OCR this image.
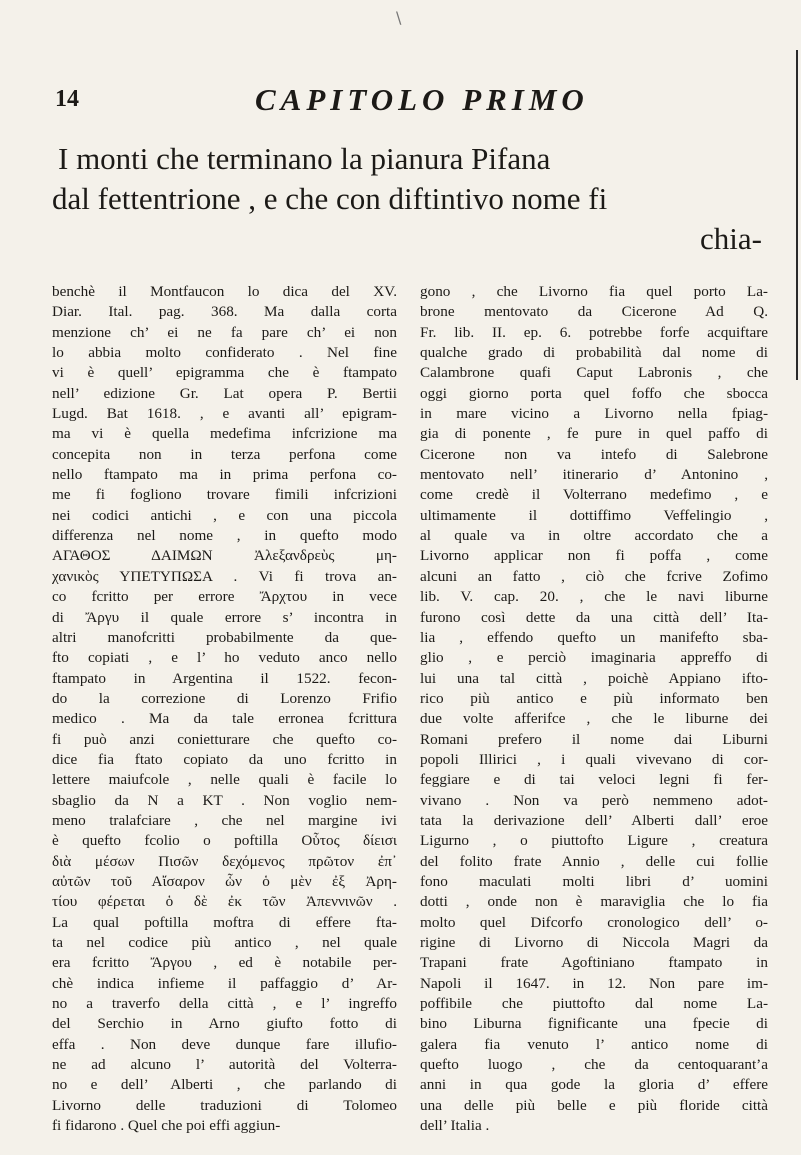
\
14	CAPITOLO PRIMO
I monti che terminano la pianura Pifana
dal fettentrione , e che con diftintivo nome fi
chia-
benchè il Montfaucon lo dica del XV.
Diar. Ital. pag. 368. Ma dalla corta
menzione ch’ ei ne fa pare ch’ ei non
lo abbia molto confiderato . Nel fine
vi è quell’ epigramma che è ftampato
nell’ edizione Gr. Lat opera P. Bertii
Lugd. Bat 1618. , e avanti all’ epigram-
ma vi è quella medefima infcrizione ma
concepita non in terza perfona come
nello ftampato ma in prima perfona co-
me fi fogliono trovare fimili infcrizioni
nei codici antichi , e con una piccola
differenza nel nome , in quefto modo
ΑΓΑΘΟΣ ΔΑΙΜΩΝ Ἀλεξανδρεὺς μη-
χανικὸς ΥΠΕΤΥΠΩΣΑ . Vi fi trova an-
co fcritto per errore Ἄρχτου in vece
di Ἄργυ il quale errore s’ incontra in
altri manofcritti probabilmente da que-
fto copiati , e l’ ho veduto anco nello
ftampato in Argentina il 1522. fecon-
do la correzione di Lorenzo Frifio
medico . Ma da tale erronea fcrittura
fi può anzi conietturare che quefto co-
dice fia ftato copiato da uno fcritto in
lettere maiufcole , nelle quali è facile lo
sbaglio da N a KT . Non voglio nem-
meno tralafciare , che nel margine ivi
è quefto fcolio o poftilla Οὗτος δίεισι
διὰ μέσων Πισῶν δεχόμενος πρῶτον ἐπ᾽
αὐτῶν τοῦ Αἴσαρον ὧν ὁ μὲν ἐξ Ἀρη-
τίου φέρεται ὁ δὲ ἐκ τῶν Ἀπεννινῶν .
La qual poftilla moftra di effere fta-
ta nel codice più antico , nel quale
era fcritto Ἄργου , ed è notabile per-
chè indica infieme il paffaggio d’ Ar-
no a traverfo della città , e l’ ingreffo
del Serchio in Arno giufto fotto di
effa . Non deve dunque fare illufio-
ne ad alcuno l’ autorità del Volterra-
no e dell’ Alberti , che parlando di
Livorno delle traduzioni di Tolomeo
fi fidarono . Quel che poi effi aggiun-
gono , che Livorno fia quel porto La-
brone mentovato da Cicerone Ad Q.
Fr. lib. II. ep. 6. potrebbe forfe acquiftare
qualche grado di probabilità dal nome di
Calambrone quafi Caput Labronis , che
oggi giorno porta quel foffo che sbocca
in mare vicino a Livorno nella fpiag-
gia di ponente , fe pure in quel paffo di
Cicerone non va intefo di Salebrone
mentovato nell’ itinerario d’ Antonino ,
come credè il Volterrano medefimo , e
ultimamente il dottiffimo Veffelingio ,
al quale va in oltre accordato che a
Livorno applicar non fi poffa , come
alcuni an fatto , ciò che fcrive Zofimo
lib. V. cap. 20. , che le navi liburne
furono così dette da una città dell’ Ita-
lia , effendo quefto un manifefto sba-
glio , e perciò imaginaria appreffo di
lui una tal città , poichè Appiano ifto-
rico più antico e più informato ben
due volte afferifce , che le liburne dei
Romani prefero il nome dai Liburni
popoli Illirici , i quali vivevano di cor-
feggiare e di tai veloci legni fi fer-
vivano . Non va però nemmeno adot-
tata la derivazione dell’ Alberti dall’ eroe
Ligurno , o piuttofto Ligure , creatura
del folito frate Annio , delle cui follie
fono maculati molti libri d’ uomini
dotti , onde non è maraviglia che lo fia
molto quel Difcorfo cronologico dell’ o-
rigine di Livorno di Niccola Magri da
Trapani frate Agoftiniano ftampato in
Napoli il 1647. in 12. Non pare im-
poffibile che piuttofto dal nome La-
bino Liburna fignificante una fpecie di
galera fia venuto l’ antico nome di
quefto luogo , che da centoquarant’a
anni in qua gode la gloria d’ effere
una delle più belle e più floride città
dell’ Italia .
